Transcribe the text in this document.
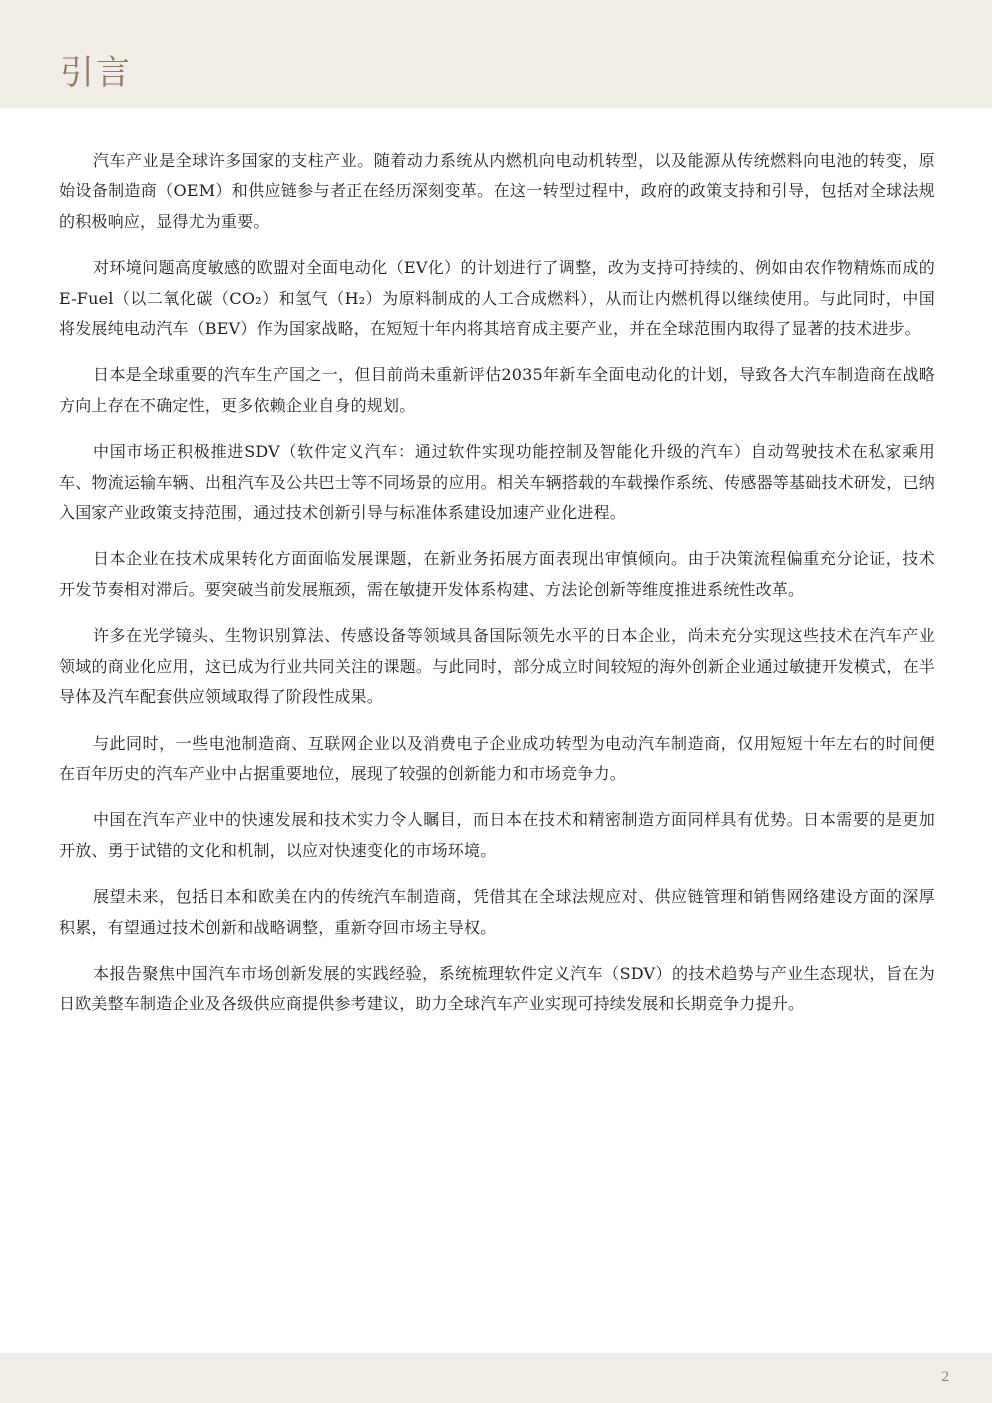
引言

汽车产业是全球许多国家的支柱产业。随着动力系统从内燃机向电动机转型，以及能源从传统燃料向电池的转变，原始设备制造商（OEM）和供应链参与者正在经历深刻变革。在这一转型过程中，政府的政策支持和引导，包括对全球法规的积极响应，显得尤为重要。

对环境问题高度敏感的欧盟对全面电动化（EV化）的计划进行了调整，改为支持可持续的、例如由农作物精炼而成的E-Fuel（以二氧化碳（CO₂）和氢气（H₂）为原料制成的人工合成燃料），从而让内燃机得以继续使用。与此同时，中国将发展纯电动汽车（BEV）作为国家战略，在短短十年内将其培育成主要产业，并在全球范围内取得了显著的技术进步。

日本是全球重要的汽车生产国之一，但目前尚未重新评估2035年新车全面电动化的计划，导致各大汽车制造商在战略方向上存在不确定性，更多依赖企业自身的规划。

中国市场正积极推进SDV（软件定义汽车：通过软件实现功能控制及智能化升级的汽车）自动驾驶技术在私家乘用车、物流运输车辆、出租汽车及公共巴士等不同场景的应用。相关车辆搭载的车载操作系统、传感器等基础技术研发，已纳入国家产业政策支持范围，通过技术创新引导与标准体系建设加速产业化进程。

日本企业在技术成果转化方面面临发展课题，在新业务拓展方面表现出审慎倾向。由于决策流程偏重充分论证，技术开发节奏相对滞后。要突破当前发展瓶颈，需在敏捷开发体系构建、方法论创新等维度推进系统性改革。

许多在光学镜头、生物识别算法、传感设备等领域具备国际领先水平的日本企业，尚未充分实现这些技术在汽车产业领域的商业化应用，这已成为行业共同关注的课题。与此同时，部分成立时间较短的海外创新企业通过敏捷开发模式，在半导体及汽车配套供应领域取得了阶段性成果。

与此同时，一些电池制造商、互联网企业以及消费电子企业成功转型为电动汽车制造商，仅用短短十年左右的时间便在百年历史的汽车产业中占据重要地位，展现了较强的创新能力和市场竞争力。

中国在汽车产业中的快速发展和技术实力令人瞩目，而日本在技术和精密制造方面同样具有优势。日本需要的是更加开放、勇于试错的文化和机制，以应对快速变化的市场环境。

展望未来，包括日本和欧美在内的传统汽车制造商，凭借其在全球法规应对、供应链管理和销售网络建设方面的深厚积累，有望通过技术创新和战略调整，重新夺回市场主导权。

本报告聚焦中国汽车市场创新发展的实践经验，系统梳理软件定义汽车（SDV）的技术趋势与产业生态现状，旨在为日欧美整车制造企业及各级供应商提供参考建议，助力全球汽车产业实现可持续发展和长期竞争力提升。

2
